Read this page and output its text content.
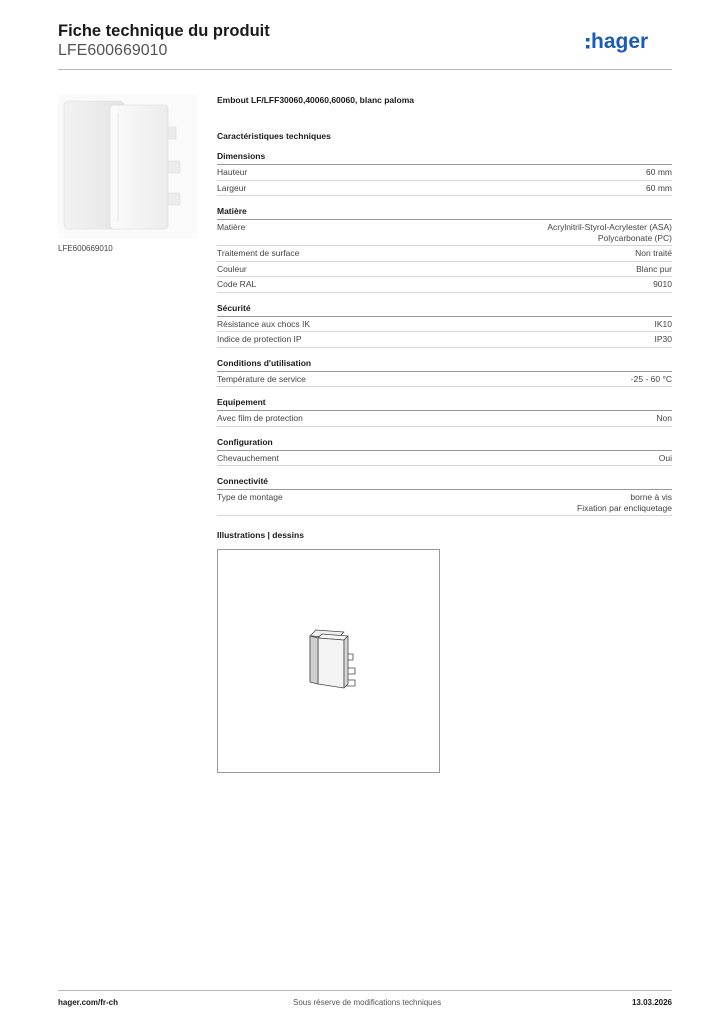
Fiche technique du produit
LFE600669010	hager
LFE600669010
Embout LF/LFF30060,40060,60060, blanc paloma
Caractéristiques techniques
Dimensions
Hauteur	60 mm
Largeur	60 mm
Matière
Matière	Acrylnitril-Styrol-Acrylester (ASA)
Polycarbonate (PC)
Traitement de surface	Non traité
Couleur	Blanc pur
Code RAL	9010
Sécurité
Résistance aux chocs IK	IK10
Indice de protection IP	IP30
Conditions d'utilisation
Température de service	-25 - 60 °C
Equipement
Avec film de protection	Non
Configuration
Chevauchement	Oui
Connectivité
Type de montage	borne à vis
Fixation par encliquetage
Illustrations | dessins
hager.com/fr-ch	Sous réserve de modifications techniques	13.03.2026
